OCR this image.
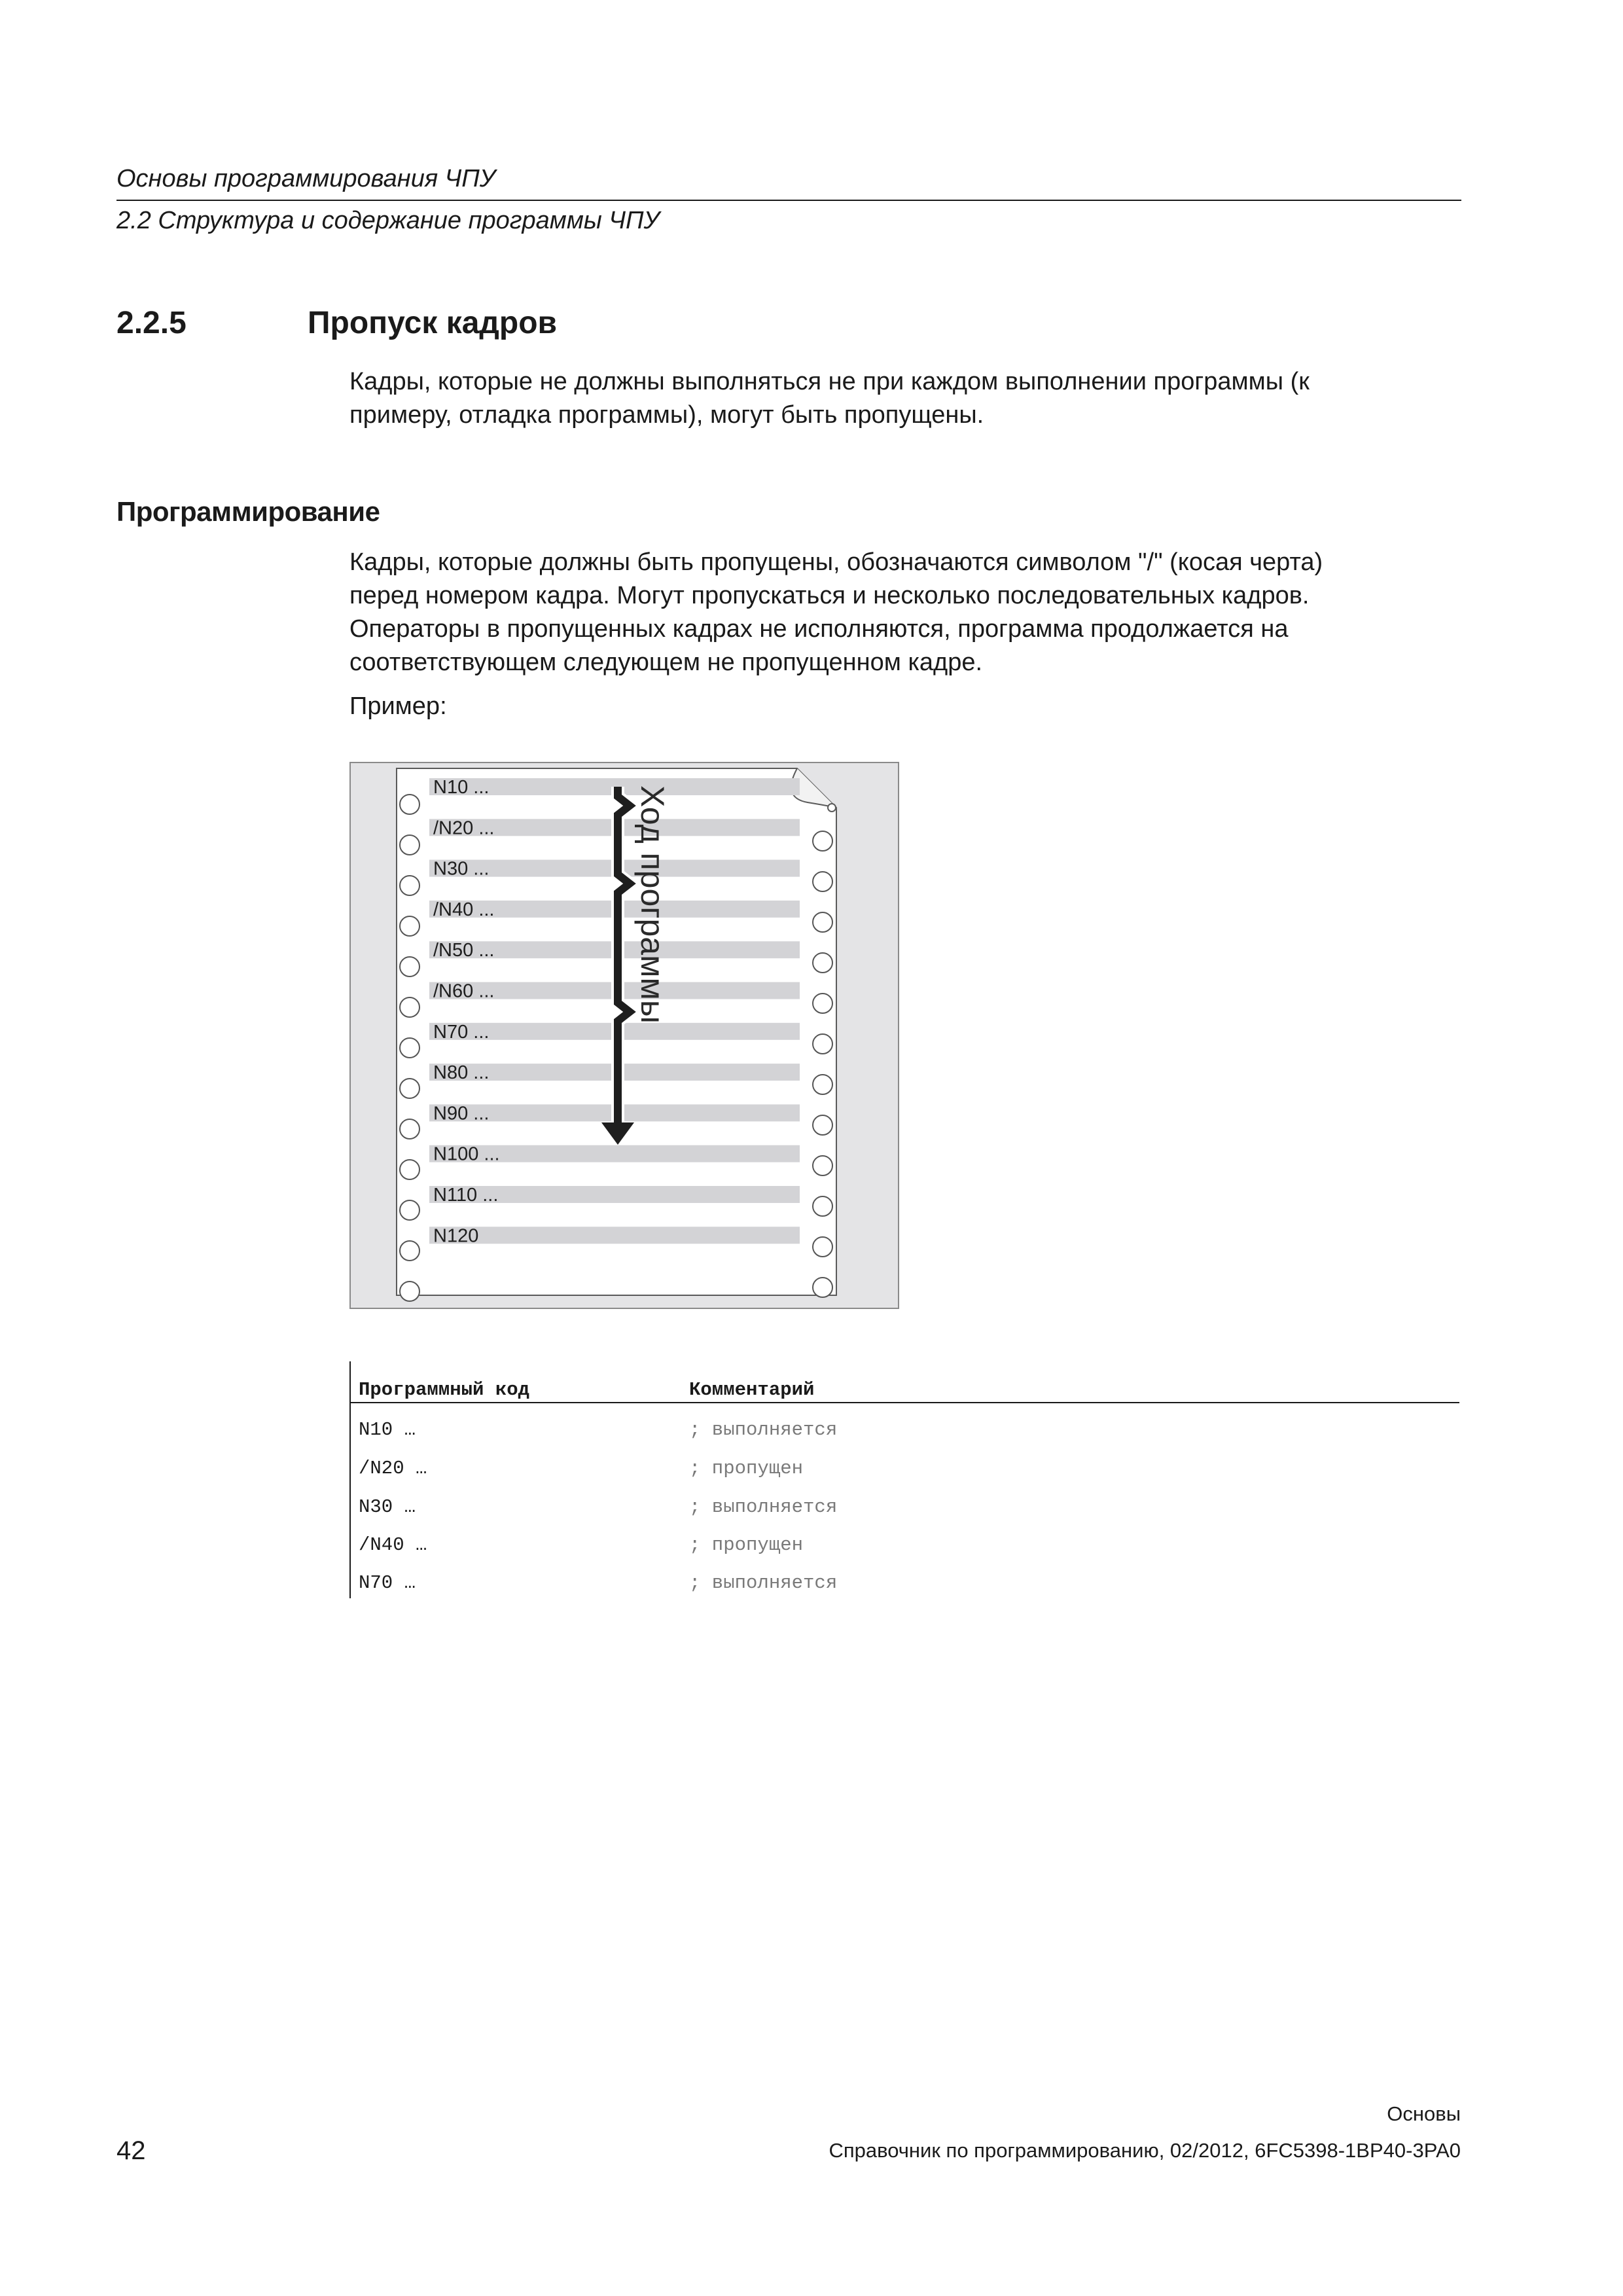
Основы программирования ЧПУ
2.2 Структура и содержание программы ЧПУ
2.2.5	Пропуск кадров
Кадры, которые не должны выполняться не при каждом выполнении программы (к
примеру, отладка программы), могут быть пропущены.
Программирование
Кадры, которые должны быть пропущены, обозначаются символом "/" (косая черта)
перед номером кадра. Могут пропускаться и несколько последовательных кадров.
Операторы в пропущенных кадрах не исполняются, программа продолжается на
соответствующем следующем не пропущенном кадре.
Пример:
N10 ...
/N20 ...
N30 ...
/N40 ...
/N50 ...
/N60 ...
N70 ...
N80 ...
N90 ...
N100 ...
N110 ...
N120
Ход программы
Программный код	Комментарий
N10 …	; выполняется
/N20 …	; пропущен
N30 …	; выполняется
/N40 …	; пропущен
N70 …	; выполняется
Основы
42	Справочник по программированию, 02/2012, 6FC5398-1BP40-3PA0
